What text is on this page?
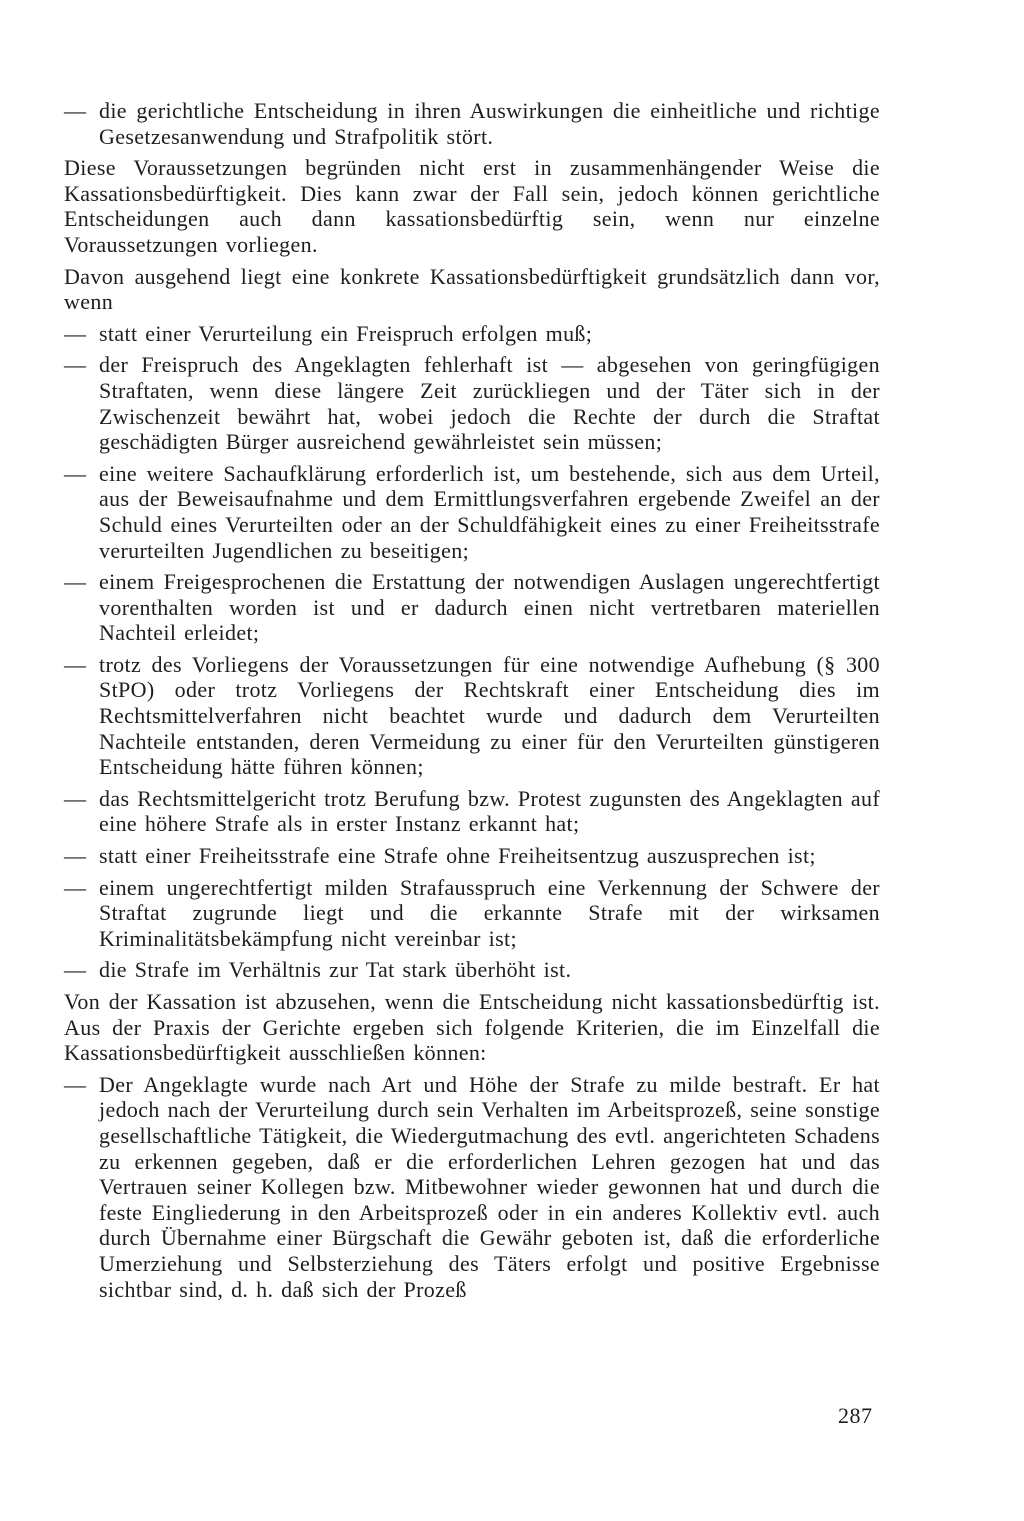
— die gerichtliche Entscheidung in ihren Auswirkungen die einheitliche und richtige Gesetzesanwendung und Strafpolitik stört.

Diese Voraussetzungen begründen nicht erst in zusammenhängender Weise die Kassationsbedürftigkeit. Dies kann zwar der Fall sein, jedoch können gerichtliche Entscheidungen auch dann kassationsbedürftig sein, wenn nur einzelne Voraussetzungen vorliegen.

Davon ausgehend liegt eine konkrete Kassationsbedürftigkeit grundsätzlich dann vor, wenn

— statt einer Verurteilung ein Freispruch erfolgen muß;
— der Freispruch des Angeklagten fehlerhaft ist — abgesehen von geringfügigen Straftaten, wenn diese längere Zeit zurückliegen und der Täter sich in der Zwischenzeit bewährt hat, wobei jedoch die Rechte der durch die Straftat geschädigten Bürger ausreichend gewährleistet sein müssen;
— eine weitere Sachaufklärung erforderlich ist, um bestehende, sich aus dem Urteil, aus der Beweisaufnahme und dem Ermittlungsverfahren ergebende Zweifel an der Schuld eines Verurteilten oder an der Schuldfähigkeit eines zu einer Freiheitsstrafe verurteilten Jugendlichen zu beseitigen;
— einem Freigesprochenen die Erstattung der notwendigen Auslagen ungerechtfertigt vorenthalten worden ist und er dadurch einen nicht vertretbaren materiellen Nachteil erleidet;
— trotz des Vorliegens der Voraussetzungen für eine notwendige Aufhebung (§ 300 StPO) oder trotz Vorliegens der Rechtskraft einer Entscheidung dies im Rechtsmittelverfahren nicht beachtet wurde und dadurch dem Verurteilten Nachteile entstanden, deren Vermeidung zu einer für den Verurteilten günstigeren Entscheidung hätte führen können;
— das Rechtsmittelgericht trotz Berufung bzw. Protest zugunsten des Angeklagten auf eine höhere Strafe als in erster Instanz erkannt hat;
— statt einer Freiheitsstrafe eine Strafe ohne Freiheitsentzug auszusprechen ist;
— einem ungerechtfertigt milden Strafausspruch eine Verkennung der Schwere der Straftat zugrunde liegt und die erkannte Strafe mit der wirksamen Kriminalitätsbekämpfung nicht vereinbar ist;
— die Strafe im Verhältnis zur Tat stark überhöht ist.

Von der Kassation ist abzusehen, wenn die Entscheidung nicht kassationsbedürftig ist. Aus der Praxis der Gerichte ergeben sich folgende Kriterien, die im Einzelfall die Kassationsbedürftigkeit ausschließen können:

— Der Angeklagte wurde nach Art und Höhe der Strafe zu milde bestraft. Er hat jedoch nach der Verurteilung durch sein Verhalten im Arbeitsprozeß, seine sonstige gesellschaftliche Tätigkeit, die Wiedergutmachung des evtl. angerichteten Schadens zu erkennen gegeben, daß er die erforderlichen Lehren gezogen hat und das Vertrauen seiner Kollegen bzw. Mitbewohner wieder gewonnen hat und durch die feste Eingliederung in den Arbeitsprozeß oder in ein anderes Kollektiv evtl. auch durch Übernahme einer Bürgschaft die Gewähr geboten ist, daß die erforderliche Umerziehung und Selbsterziehung des Täters erfolgt und positive Ergebnisse sichtbar sind, d. h. daß sich der Prozeß
287
